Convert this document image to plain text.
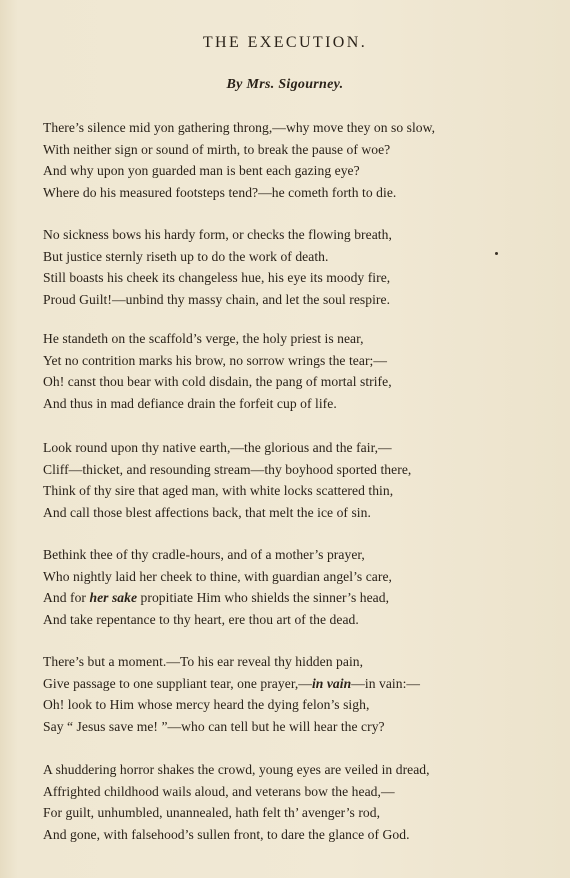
THE EXECUTION.

By Mrs. Sigourney.

There’s silence mid yon gathering throng,—why move they on so slow,
With neither sign or sound of mirth, to break the pause of woe?
And why upon yon guarded man is bent each gazing eye?
Where do his measured footsteps tend?—he cometh forth to die.
No sickness bows his hardy form, or checks the flowing breath,
But justice sternly riseth up to do the work of death.
Still boasts his cheek its changeless hue, his eye its moody fire,
Proud Guilt!—unbind thy massy chain, and let the soul respire.
He standeth on the scaffold’s verge, the holy priest is near,
Yet no contrition marks his brow, no sorrow wrings the tear;—
Oh! canst thou bear with cold disdain, the pang of mortal strife,
And thus in mad defiance drain the forfeit cup of life.
Look round upon thy native earth,—the glorious and the fair,—
Cliff—thicket, and resounding stream—thy boyhood sported there,
Think of thy sire that aged man, with white locks scattered thin,
And call those blest affections back, that melt the ice of sin.
Bethink thee of thy cradle-hours, and of a mother’s prayer,
Who nightly laid her cheek to thine, with guardian angel’s care,
And for her sake propitiate Him who shields the sinner’s head,
And take repentance to thy heart, ere thou art of the dead.
There’s but a moment.—To his ear reveal thy hidden pain,
Give passage to one suppliant tear, one prayer,—in vain—in vain:—
Oh! look to Him whose mercy heard the dying felon’s sigh,
Say “ Jesus save me! ”—who can tell but he will hear the cry?
A shuddering horror shakes the crowd, young eyes are veiled in dread,
Affrighted childhood wails aloud, and veterans bow the head,—
For guilt, unhumbled, unannealed, hath felt th’ avenger’s rod,
And gone, with falsehood’s sullen front, to dare the glance of God.
